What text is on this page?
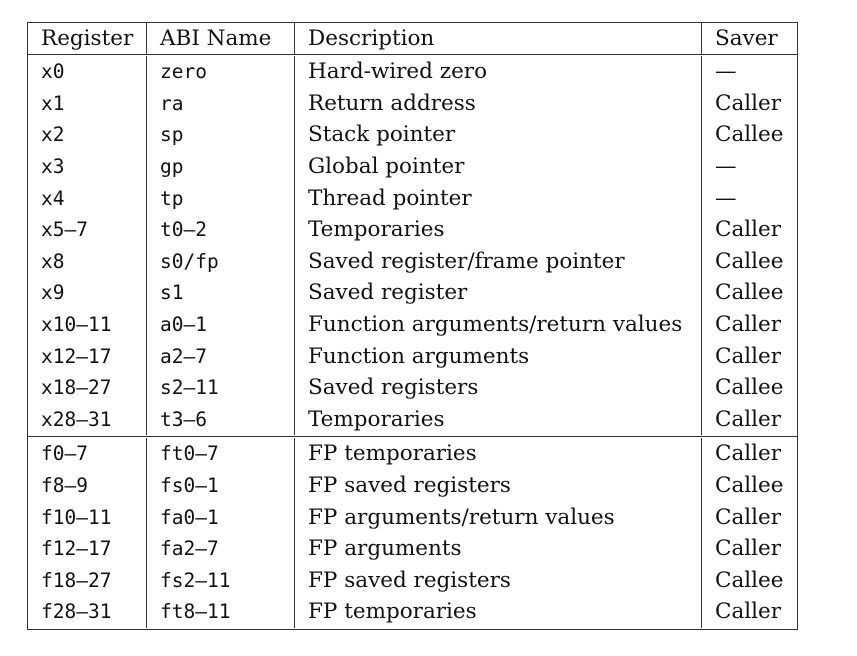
Register	ABI Name	Description	Saver
x0	zero	Hard-wired zero	—
x1	ra	Return address	Caller
x2	sp	Stack pointer	Callee
x3	gp	Global pointer	—
x4	tp	Thread pointer	—
x5–7	t0–2	Temporaries	Caller
x8	s0/fp	Saved register/frame pointer	Callee
x9	s1	Saved register	Callee
x10–11	a0–1	Function arguments/return values	Caller
x12–17	a2–7	Function arguments	Caller
x18–27	s2–11	Saved registers	Callee
x28–31	t3–6	Temporaries	Caller
f0–7	ft0–7	FP temporaries	Caller
f8–9	fs0–1	FP saved registers	Callee
f10–11	fa0–1	FP arguments/return values	Caller
f12–17	fa2–7	FP arguments	Caller
f18–27	fs2–11	FP saved registers	Callee
f28–31	ft8–11	FP temporaries	Caller
